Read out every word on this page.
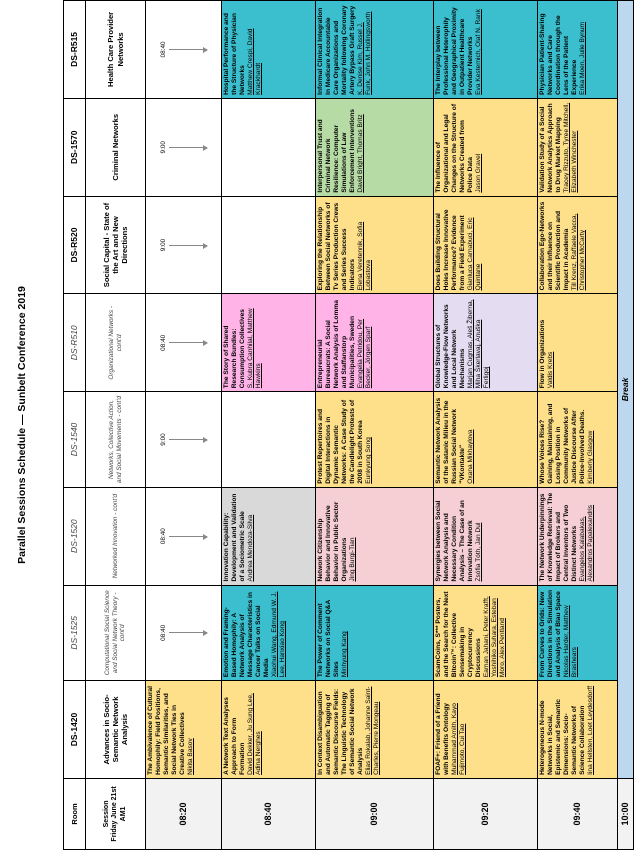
Parallel Sessions Schedule — Sunbelt Conference 2019
Room	DS-1420	DS-1525	DS-1520	DS-1540	DS-R510	DS-R520	DS-1570	DS-R515
Session Friday June 21st AM1	Advances in Socio-Semantic Network Analysis	Computational Social Science and Social Network Theory - cont'd	Networked Innovation - cont'd	Networks, Collective Action, and Social Movements - cont'd	Organizational Networks - cont'd	Social Capital - State of the Art and New Directions	Criminal Networks	Health Care Provider Networks
08:20	The Ambivalence of Cultural Homophily: Field Positions, Semantic Similarities, and Social Network Ties in Creative Collectives Nikita Basov	08:40	08:40	9:00	08:40	9:00	9:00	08:40

08:40	A Network Text Analyses Approach to Form Formation David Dekker, Ju Sung Lee, Adina Nerghes	Emotion and Framing-Based Homophily: A Network Analysis of Message Characteristics in Cancer Talks on Social Media Xiaohui Wang, Edmund W. J. Lee, Hanxiao Kong	Innovation Capability: Development and Validation of a Sociometric Scale Andrea Mendoza-Silva		The Story of Shared Research Bundles: Consumption Collectives S. Kubra Canhilal, Matthew Hawkins			Hospital Performance and the Structure of Physician Networks Matthew Crespi, David Krackhardt

09:00	In Context Disambiguation and Automatic Tagging of Semantic Discourse Fields: The Linguistic Technology of Semantic Social Network Analysis Elias Rokalab, Johanne Saint-Charles, Pierre Mongeau	The Power of Comment Networks on Social Q&A Sites Minhyung Kang	Network Citizenship Behavior and Innovative Behavior in Public Sector Organizations Jing Burgi-Tian	Protest Repertoires and Digital Interactions in Dynamic Semantic Networks: A Case Study of the Candlelight Protests of 2008 in South Korea Eunkyung Song	Entrepreneurial Bureaucrats: A Social Network Analysis of Lomma and Staffanstorp Municipalities, Sweden Evangelia Petridou, Per Becker, Jörgen Sparf	Exploring the Relationship Between Social Networks of Tv Series Production Crews and Series Success Indicators Elena Veretennik, Sofia Lobastova	Interpersonal Trust and Criminal Network Resilience: Computer Simulations of Law Enforcement Interventions David Bright, Thomas Britz	Informal Clinical Integration In Medicare Accountable Care Organizations and Mortality following Coronary Artery Bypass Graft Surgery K. Denise Kim, Russel J. Funk, John M. Hollingsworth

09:20	FOAF+: Friend of a Friend with Benefits Ontology Muhammad Amith, Kayo Fujimoto, Cui Tao	ScamCoins, S*** Posters, and the Search for the Next Bitcoin™: Collective Sensemaking in Cryptocurrency Discussions Eaman Jahani, Peter Krafft, Yoshihiko Suhara, Esteban Moro, Alex Pentland	Synergies between Social Network Analysis and Necessary Condition Analysis – The Case of an Innovation Network Zsófia Tóth, Jan Dul	Semantic Network Analysis of the Satanic Milieu in the Russian Social Network "VKontakte" Oxana Mikhaylova	Global Structures of Knowledge-Flow Networks and Local Network Mechanisms Marjan Cugmas, Aleš Žiberna, Miha Škerlavaj, Anuška Ferligoj	Does Building Structural Holes Increase Innovative Performance? Evidence from a Field Experiment Gianluca Carnabuci, Eric Quintane	The Influence of Organizational and Legal Changes on the Structure of Networks Created from Police Data Jason Gravel	The Interplay between Professional Heterophily and Geographical Proximity in Outpatient Healthcare Provider Networks Eva Kesternich, Olaf N. Rank

09:40	Heterogeneous N-mode Networks in Social, Epistemic and Semantic Dimensions: Socio-Semantic Networks of Science Collaboration Iina Hellsten, Loet Leydesdorff	From Curves to Grids: New Directions in the Simulation and Analysis of Blau Space Nicolas Harder, Matthew Brashears	The Network Underpinnings of Knowledge Retrieval: The Impact of Brokers and Central Inventors of Two Distinct Networks Evangelos Kalabakas, Alexandros Papalexandris	Whose Voices Rise? Gaining, Maintaining, and Losing Position in Community Networks of Justice Discourse After Police-Involved Deaths. Kimberly Glasgow	Flow in Organizations Valdis Krebs	Collaboration Ego-Networks and their Influence on Scientific Production and Impact in Academia Till Krenz, Raffaele Vacca, Christopher McCarty	Validation Study of a Social Network Analytics Approach to Drug Market Mapping Tracey Rizzuto, Tyree Mitchell, Elizabeth Winchester	Physician Patient-Sharing Networks and Care Coordination through the Lens of the Patient Experience Erika Moen, Julie Bynum

10:00	Break							
